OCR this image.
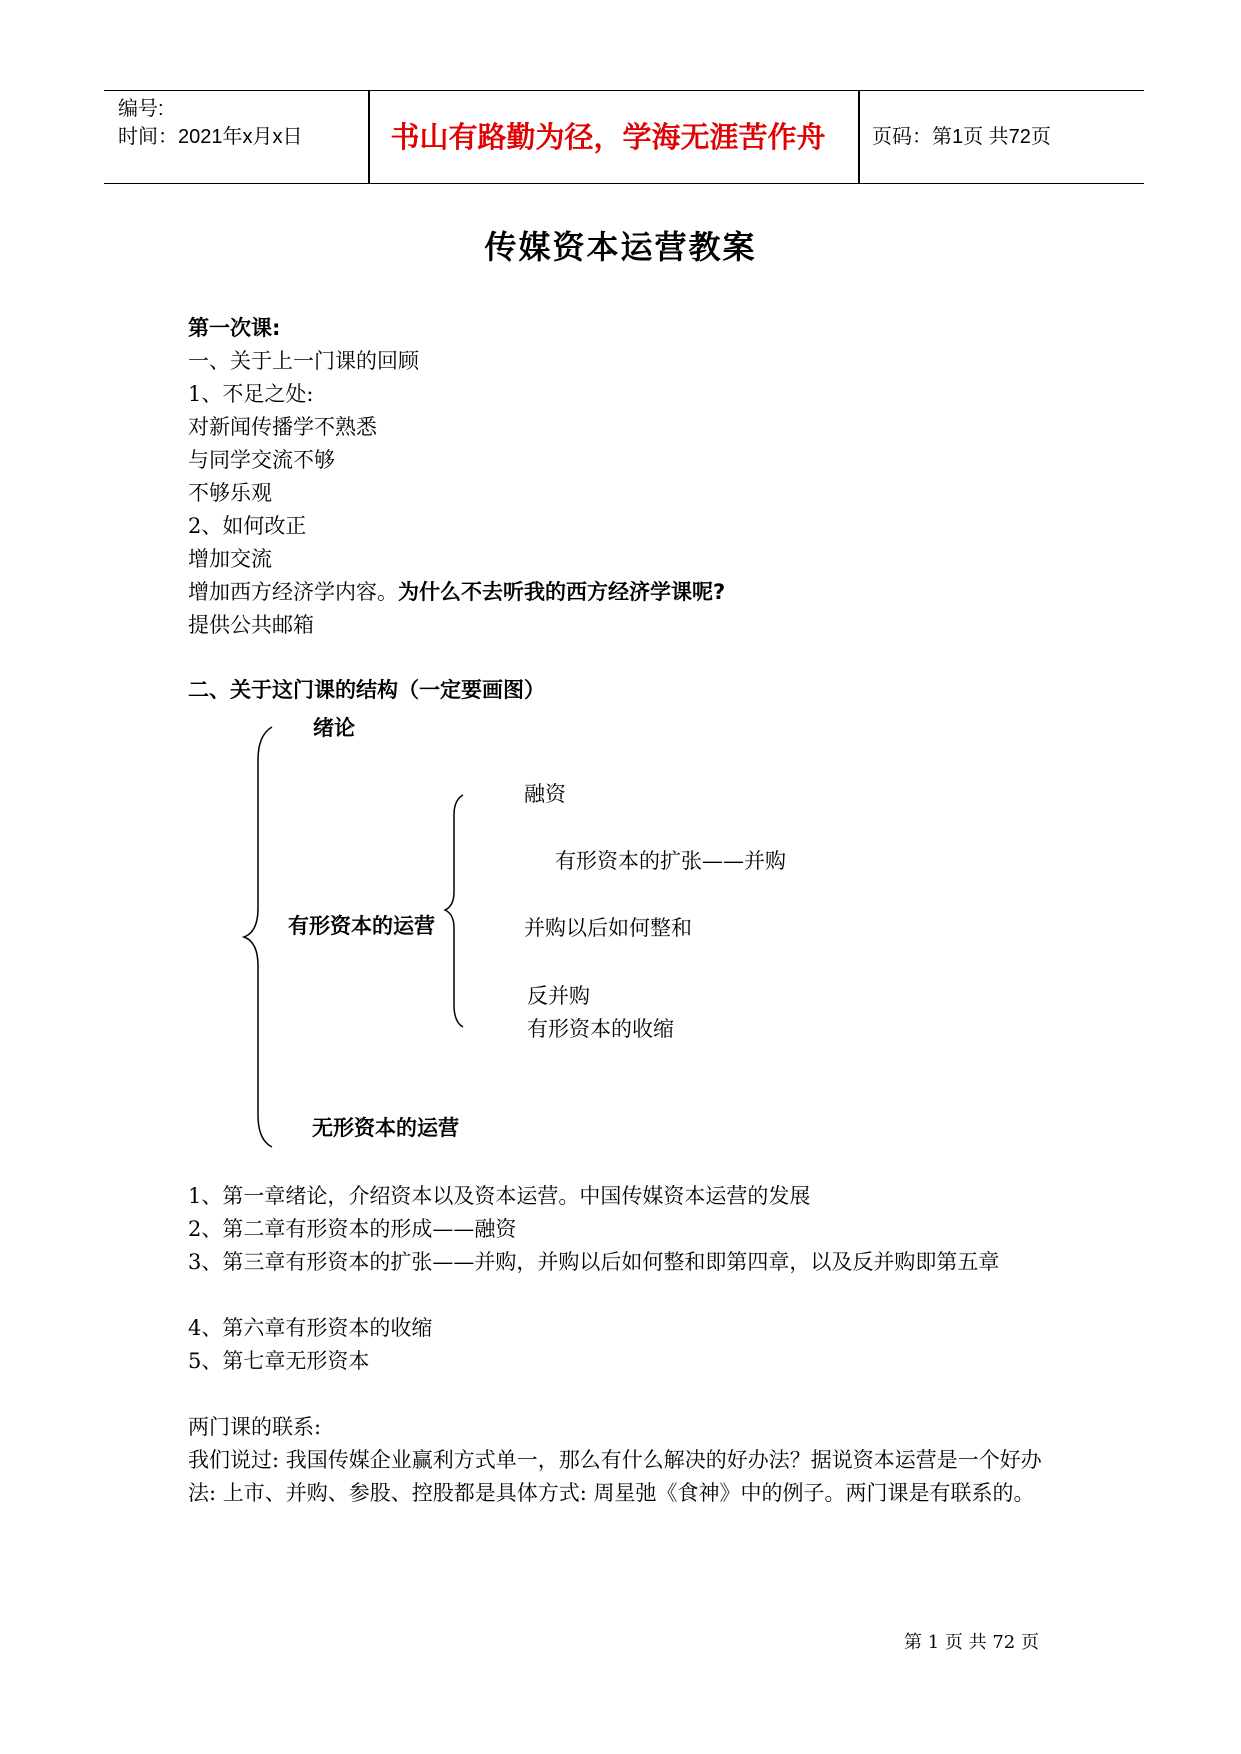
编号:
时间：2021年x月x日	书山有路勤为径，学海无涯苦作舟	页码：第1页 共72页
传媒资本运营教案
第一次课:
一、关于上一门课的回顾
1、不足之处:
对新闻传播学不熟悉
与同学交流不够
不够乐观
2、如何改正
增加交流
增加西方经济学内容。为什么不去听我的西方经济学课呢?
提供公共邮箱
二、关于这门课的结构（一定要画图）
绪论
有形资本的运营
融资
有形资本的扩张——并购
并购以后如何整和
反并购
有形资本的收缩
无形资本的运营
1、第一章绪论，介绍资本以及资本运营。中国传媒资本运营的发展
2、第二章有形资本的形成——融资
3、第三章有形资本的扩张——并购，并购以后如何整和即第四章，以及反并购即第五章
4、第六章有形资本的收缩
5、第七章无形资本
两门课的联系:
我们说过: 我国传媒企业赢利方式单一，那么有什么解决的好办法？据说资本运营是一个好办法: 上市、并购、参股、控股都是具体方式: 周星弛《食神》中的例子。两门课是有联系的。
第 1 页 共 72 页
